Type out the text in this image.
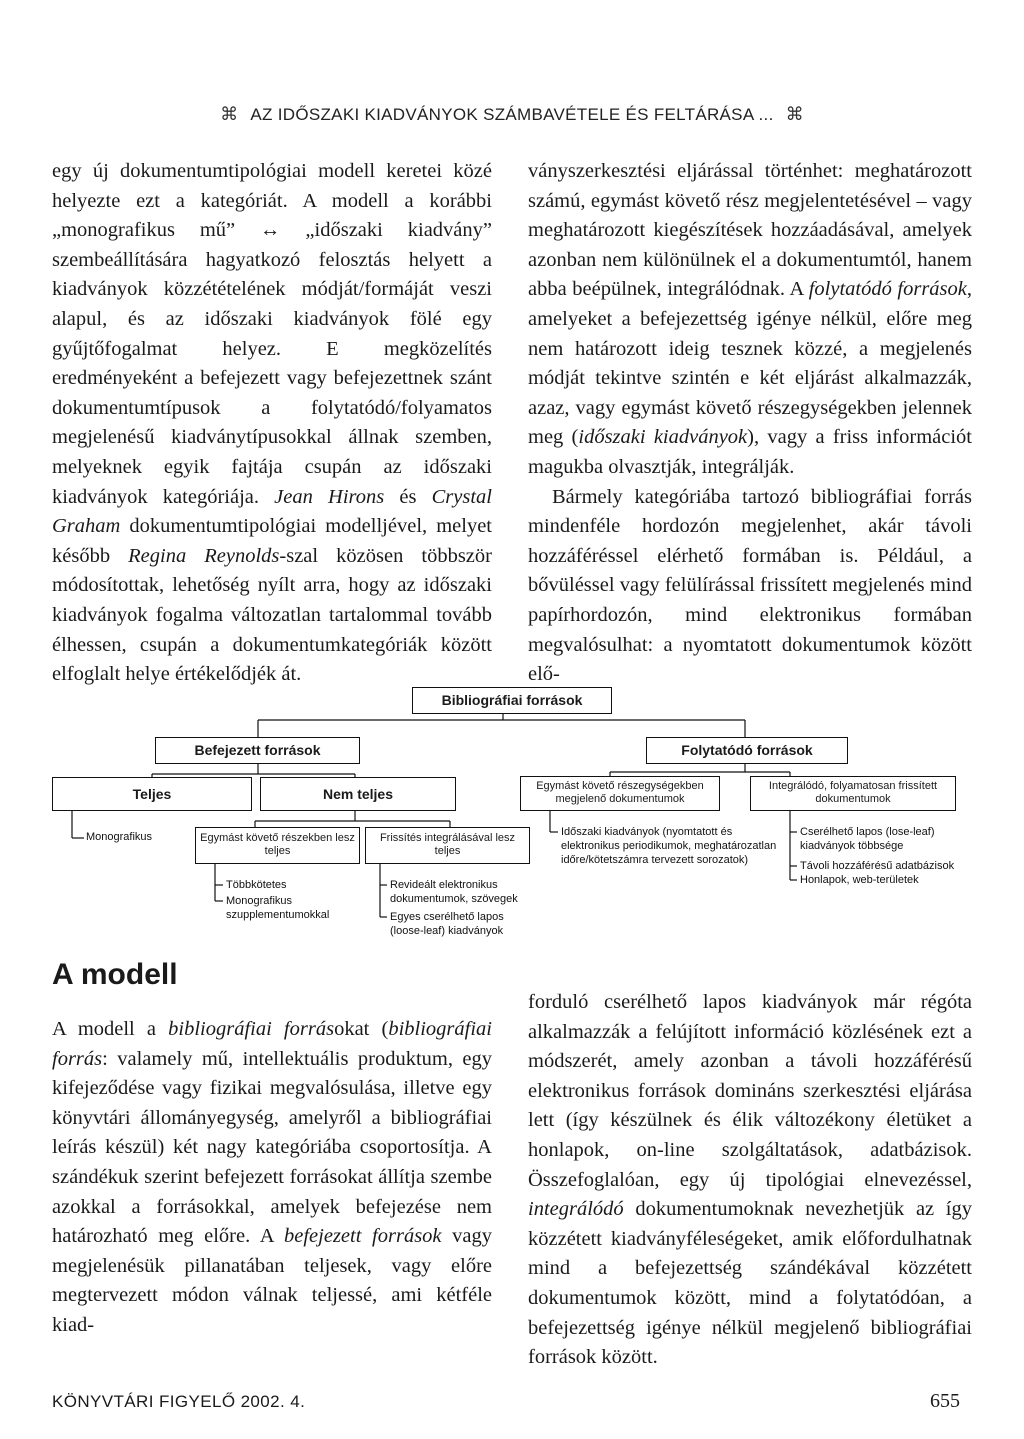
⌘ AZ IDŐSZAKI KIADVÁNYOK SZÁMBAVÉTELE ÉS FELTÁRÁSA ... ⌘

egy új dokumentumtipológiai modell keretei közé helyezte ezt a kategóriát. A modell a korábbi „monografikus mű” ↔ „időszaki kiadvány” szembeállítására hagyatkozó felosztás helyett a kiadványok közzétételének módját/formáját veszi alapul, és az időszaki kiadványok fölé egy gyűjtőfogalmat helyez. E megközelítés eredményeként a befejezett vagy befejezettnek szánt dokumentumtípusok a folytatódó/folyamatos megjelenésű kiadványtípusokkal állnak szemben, melyeknek egyik fajtája csupán az időszaki kiadványok kategóriája. Jean Hirons és Crystal Graham dokumentumtipológiai modelljével, melyet később Regina Reynolds-szal közösen többször módosítottak, lehetőség nyílt arra, hogy az időszaki kiadványok fogalma változatlan tartalommal tovább élhessen, csupán a dokumentumkategóriák között elfoglalt helye értékelődjék át.

ványszerkesztési eljárással történhet: meghatározott számú, egymást követő rész megjelentetésével – vagy meghatározott kiegészítések hozzáadásával, amelyek azonban nem különülnek el a dokumentumtól, hanem abba beépülnek, integrálódnak. A folytatódó források, amelyeket a befejezettség igénye nélkül, előre meg nem határozott ideig tesznek közzé, a megjelenés módját tekintve szintén e két eljárást alkalmazzák, azaz, vagy egymást követő részegységekben jelennek meg (időszaki kiadványok), vagy a friss információt magukba olvasztják, integrálják.

Bármely kategóriába tartozó bibliográfiai forrás mindenféle hordozón megjelenhet, akár távoli hozzáféréssel elérhető formában is. Például, a bővüléssel vagy felülírással frissített megjelenés mind papírhordozón, mind elektronikus formában megvalósulhat: a nyomtatott dokumentumok között elő-

Bibliográfiai források
Befejezett források	Folytatódó források
Teljes	Nem teljes	Egymást követő részegységekben megjelenő dokumentumok
Integrálódó, folyamatosan frissített dokumentumok
Monografikus	Egymást követő részekben lesz teljes
Frissítés integrálásával lesz teljes
Többkötetes
Monografikus szupplementumokkal
Revideált elektronikus dokumentumok, szövegek
Egyes cserélhető lapos (loose-leaf) kiadványok
Időszaki kiadványok (nyomtatott és elektronikus periodikumok, meghatározatlan időre/kötetszámra tervezett sorozatok)
Cserélhető lapos (lose-leaf) kiadványok többsége
Távoli hozzáférésű adatbázisok
Honlapok, web-területek
A modell

A modell a bibliográfiai forrásokat (bibliográfiai forrás: valamely mű, intellektuális produktum, egy kifejeződése vagy fizikai megvalósulása, illetve egy könyvtári állományegység, amelyről a bibliográfiai leírás készül) két nagy kategóriába csoportosítja. A szándékuk szerint befejezett forrásokat állítja szembe azokkal a forrásokkal, amelyek befejezése nem határozható meg előre. A befejezett források vagy megjelenésük pillanatában teljesek, vagy előre megtervezett módon válnak teljessé, ami kétféle kiad-

forduló cserélhető lapos kiadványok már régóta alkalmazzák a felújított információ közlésének ezt a módszerét, amely azonban a távoli hozzáférésű elektronikus források domináns szerkesztési eljárása lett (így készülnek és élik változékony életüket a honlapok, on-line szolgáltatások, adatbázisok. Összefoglalóan, egy új tipológiai elnevezéssel, integrálódó dokumentumoknak nevezhetjük az így közzétett kiadványféleségeket, amik előfordulhatnak mind a befejezettség szándékával közzétett dokumentumok között, mind a folytatódóan, a befejezettség igénye nélkül megjelenő bibliográfiai források között.

KÖNYVTÁRI FIGYELŐ 2002. 4.	655
